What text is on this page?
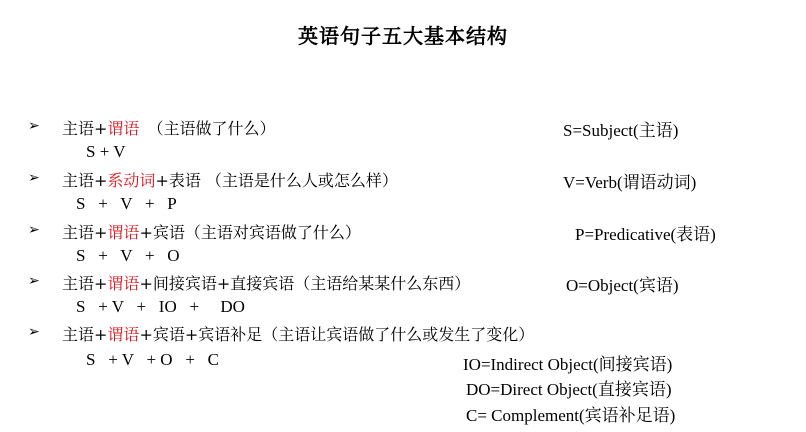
英语句子五大基本结构
➢ 主语+谓语　（主语做了什么）
S + V
S=Subject(主语)
➢ 主语+系动词+表语 （主语是什么人或怎么样）
S   +   V   +   P
V=Verb(谓语动词)
➢ 主语+谓语+宾语（主语对宾语做了什么）
S   +   V   +   O
P=Predicative(表语)
➢ 主语+谓语+间接宾语+直接宾语（主语给某某什么东西）
S   + V   +   IO   +     DO
O=Object(宾语)
➢ 主语+谓语+宾语+宾语补足（主语让宾语做了什么或发生了变化）
S   + V   + O   +   C	IO=Indirect Object(间接宾语)
DO=Direct Object(直接宾语)
C= Complement(宾语补足语)
